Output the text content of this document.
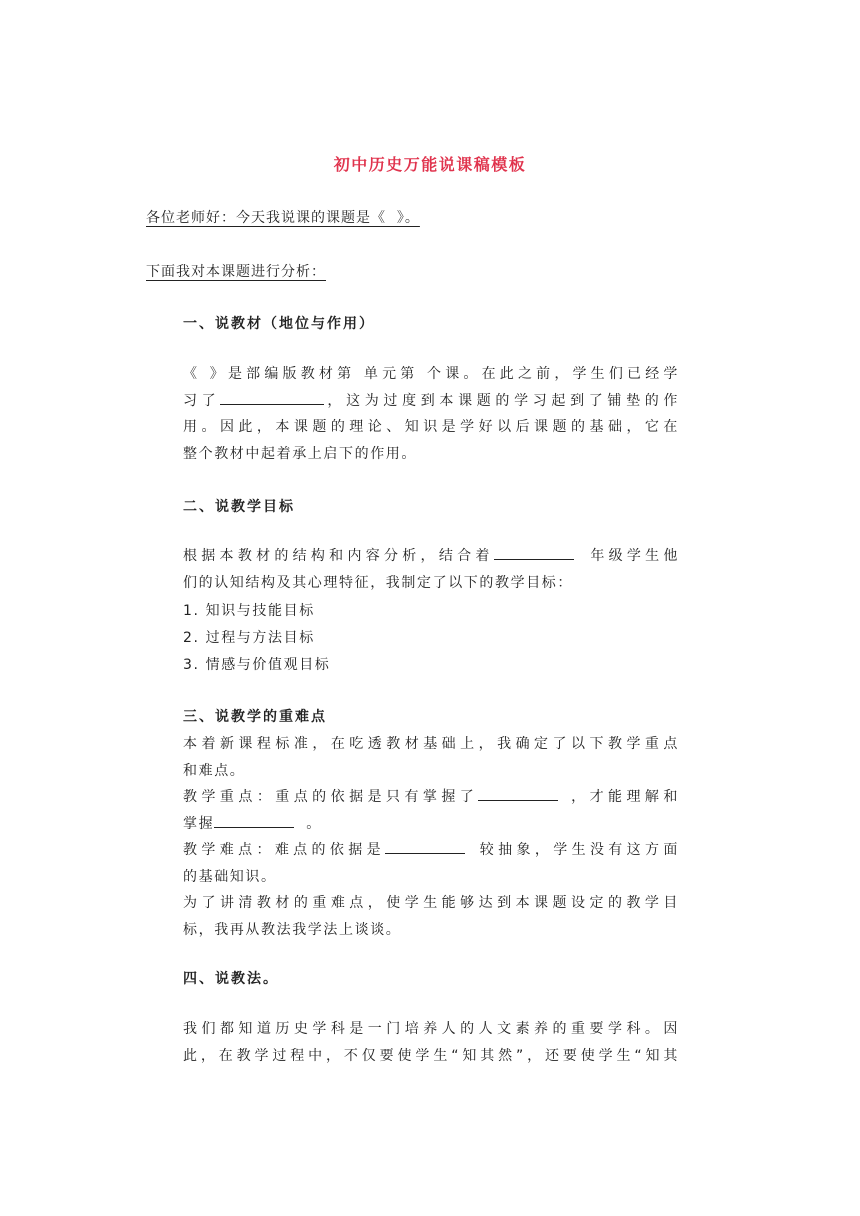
初中历史万能说课稿模板
各位老师好：今天我说课的课题是《  》。
下面我对本课题进行分析：
一、说教材（地位与作用）
《 》是部编版教材第 单元第 个课。在此之前，学生们已经学
习了	，这为过度到本课题的学习起到了铺垫的作
用。因此，本课题的理论、知识是学好以后课题的基础，它在
整个教材中起着承上启下的作用。
二、说教学目标
根据本教材的结构和内容分析，结合着	年级学生他
们的认知结构及其心理特征，我制定了以下的教学目标：
1. 知识与技能目标
2. 过程与方法目标
3. 情感与价值观目标
三、说教学的重难点
本着新课程标准，在吃透教材基础上，我确定了以下教学重点
和难点。
教学重点：重点的依据是只有掌握了	，才能理解和
掌握	。
教学难点：难点的依据是	较抽象，学生没有这方面
的基础知识。
为了讲清教材的重难点，使学生能够达到本课题设定的教学目
标，我再从教法我学法上谈谈。
四、说教法。
我们都知道历史学科是一门培养人的人文素养的重要学科。因
此，在教学过程中，不仅要使学生“知其然”，还要使学生“知其
